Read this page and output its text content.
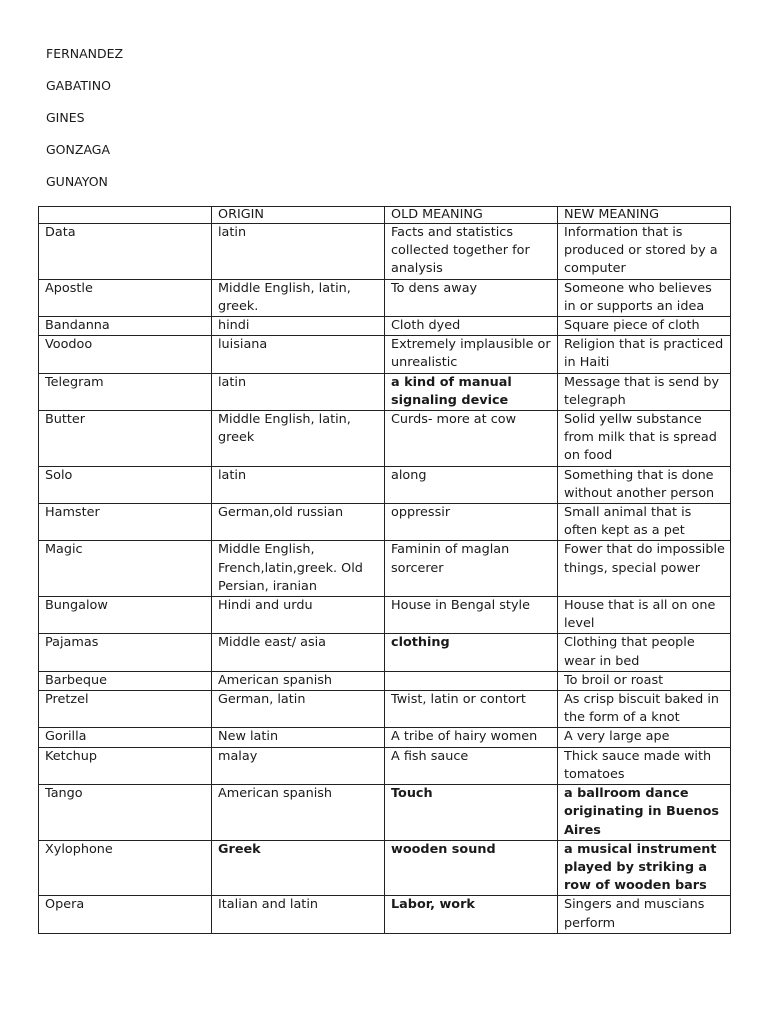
FERNANDEZ
GABATINO
GINES
GONZAGA
GUNAYON
	ORIGIN	OLD MEANING	NEW MEANING
Data	latin	Facts and statistics collected together for analysis	Information that is produced or stored by a computer
Apostle	Middle English, latin, greek.	To dens away	Someone who believes in or supports an idea
Bandanna	hindi	Cloth dyed	Square piece of cloth
Voodoo	luisiana	Extremely implausible or unrealistic	Religion that is practiced in Haiti
Telegram	latin	a kind of manual signaling device	Message that is send by telegraph
Butter	Middle English, latin, greek	Curds- more at cow	Solid yellw substance from milk that is spread on food
Solo	latin	along	Something that is done without another person
Hamster	German,old russian	oppressir	Small animal that is often kept as a pet
Magic	Middle English, French,latin,greek. Old Persian, iranian	Faminin of maglan sorcerer	Fower that do impossible things, special power
Bungalow	Hindi and urdu	House in Bengal style	House that is all on one level
Pajamas	Middle east/ asia	clothing	Clothing that people wear in bed
Barbeque	American spanish		To broil or roast
Pretzel	German, latin	Twist, latin or contort	As crisp biscuit baked in the form of a knot
Gorilla	New latin	A tribe of hairy women	A very large ape
Ketchup	malay	A fish sauce	Thick sauce made with tomatoes
Tango	American spanish	Touch	a ballroom dance originating in Buenos Aires
Xylophone	Greek	wooden sound	a musical instrument played by striking a row of wooden bars
Opera	Italian and latin	Labor, work	Singers and muscians perform
